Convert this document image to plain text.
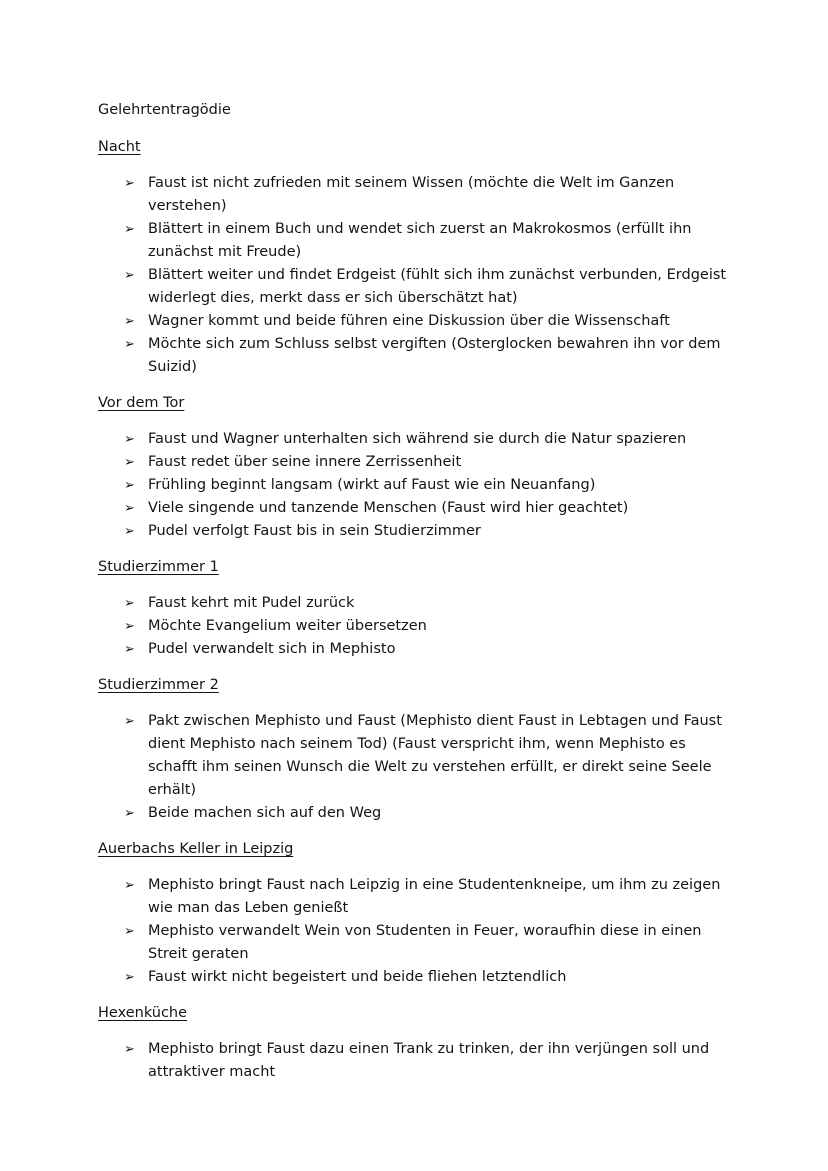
Gelehrtentragödie
Nacht
➢ Faust ist nicht zufrieden mit seinem Wissen (möchte die Welt im Ganzen verstehen)
➢ Blättert in einem Buch und wendet sich zuerst an Makrokosmos (erfüllt ihn zunächst mit Freude)
➢ Blättert weiter und findet Erdgeist (fühlt sich ihm zunächst verbunden, Erdgeist widerlegt dies, merkt dass er sich überschätzt hat)
➢ Wagner kommt und beide führen eine Diskussion über die Wissenschaft
➢ Möchte sich zum Schluss selbst vergiften (Osterglocken bewahren ihn vor dem Suizid)
Vor dem Tor
➢ Faust und Wagner unterhalten sich während sie durch die Natur spazieren
➢ Faust redet über seine innere Zerrissenheit
➢ Frühling beginnt langsam (wirkt auf Faust wie ein Neuanfang)
➢ Viele singende und tanzende Menschen (Faust wird hier geachtet)
➢ Pudel verfolgt Faust bis in sein Studierzimmer
Studierzimmer 1
➢ Faust kehrt mit Pudel zurück
➢ Möchte Evangelium weiter übersetzen
➢ Pudel verwandelt sich in Mephisto
Studierzimmer 2
➢ Pakt zwischen Mephisto und Faust (Mephisto dient Faust in Lebtagen und Faust dient Mephisto nach seinem Tod) (Faust verspricht ihm, wenn Mephisto es schafft ihm seinen Wunsch die Welt zu verstehen erfüllt, er direkt seine Seele erhält)
➢ Beide machen sich auf den Weg
Auerbachs Keller in Leipzig
➢ Mephisto bringt Faust nach Leipzig in eine Studentenkneipe, um ihm zu zeigen wie man das Leben genießt
➢ Mephisto verwandelt Wein von Studenten in Feuer, woraufhin diese in einen Streit geraten
➢ Faust wirkt nicht begeistert und beide fliehen letztendlich
Hexenküche
➢ Mephisto bringt Faust dazu einen Trank zu trinken, der ihn verjüngen soll und attraktiver macht
